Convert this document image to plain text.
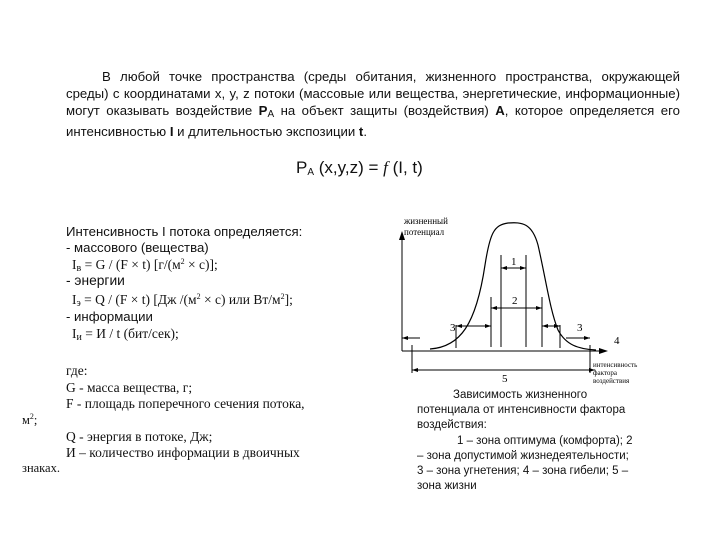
В любой точке пространства (среды обитания, жизненного пространства, окружающей среды) с координатами x, y, z потоки (массовые или вещества, энергетические, информационные) могут оказывать воздействие $P_A$ на объект защиты (воздействия) A, которое определяется его интенсивностью I и длительностью экспозиции t.

$P_A$ (x,y,z) = f (I, t)
Интенсивность I потока определяется:
- массового (вещества)
$I_в = G / (F \times t) [г/(м^2 \times с)]$;
- энергии
$I_э = Q / (F \times t)$ [Дж $/(м^2 \times с)$ или $Вт/м^2$];
- информации
$I_и = И / t$ (бит/сек);
где:
G - масса вещества, г;
F - площадь поперечного сечения потока,
$м^2$;
Q - энергия в потоке, Дж;
И – количество информации в двоичных
знаках.
жизненный
потенциал
интенсивность
фактора
воздействия
1
2
3	3
4
5

Зависимость жизненного

потенциала от интенсивности фактора

воздействия:

1 – зона оптимума (комфорта); 2

– зона допустимой жизнедеятельности;

3 – зона угнетения; 4 – зона гибели; 5 –

зона жизни
